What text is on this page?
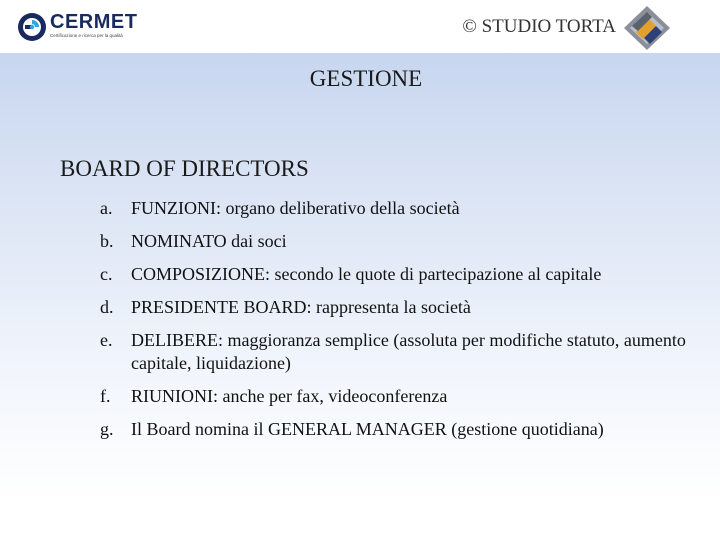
CERMET
Certificazione e ricerca per la qualità	© STUDIO TORTA
GESTIONE
BOARD OF DIRECTORS
a.	FUNZIONI: organo deliberativo della società
b. NOMINATO dai soci
c.	COMPOSIZIONE: secondo le quote di partecipazione al capitale
d. PRESIDENTE BOARD: rappresenta la società
e.	DELIBERE: maggioranza semplice (assoluta per modifiche statuto, aumento capitale, liquidazione)
f.	RIUNIONI: anche per fax, videoconferenza
g. Il Board nomina il GENERAL MANAGER (gestione quotidiana)
